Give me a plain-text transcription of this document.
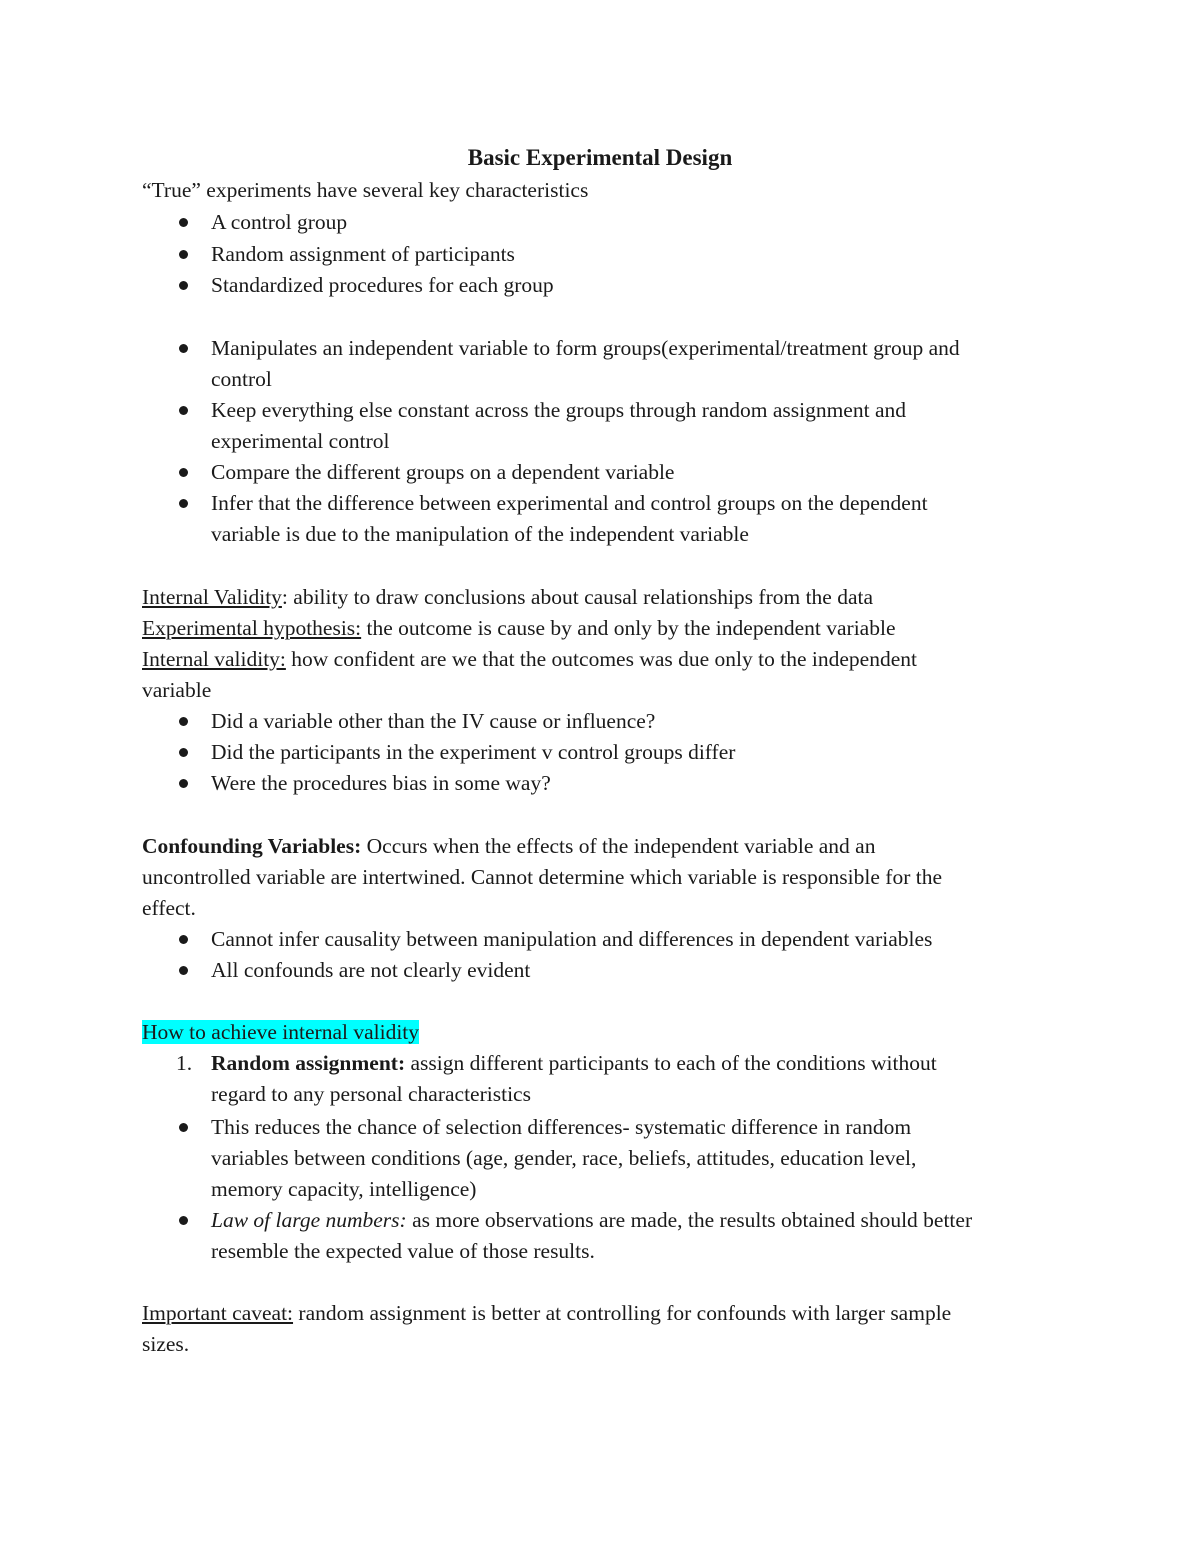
Basic Experimental Design
“True” experiments have several key characteristics
A control group
Random assignment of participants
Standardized procedures for each group
Manipulates an independent variable to form groups(experimental/treatment group and
control
Keep everything else constant across the groups through random assignment and
experimental control
Compare the different groups on a dependent variable
Infer that the difference between experimental and control groups on the dependent
variable is due to the manipulation of the independent variable
Internal Validity: ability to draw conclusions about causal relationships from the data
Experimental hypothesis: the outcome is cause by and only by the independent variable
Internal validity: how confident are we that the outcomes was due only to the independent
variable
Did a variable other than the IV cause or influence?
Did the participants in the experiment v control groups differ
Were the procedures bias in some way?
Confounding Variables: Occurs when the effects of the independent variable and an
uncontrolled variable are intertwined. Cannot determine which variable is responsible for the
effect.
Cannot infer causality between manipulation and differences in dependent variables
All confounds are not clearly evident
How to achieve internal validity
1. Random assignment: assign different participants to each of the conditions without
regard to any personal characteristics
This reduces the chance of selection differences- systematic difference in random
variables between conditions (age, gender, race, beliefs, attitudes, education level,
memory capacity, intelligence)
Law of large numbers: as more observations are made, the results obtained should better
resemble the expected value of those results.
Important caveat: random assignment is better at controlling for confounds with larger sample
sizes.
